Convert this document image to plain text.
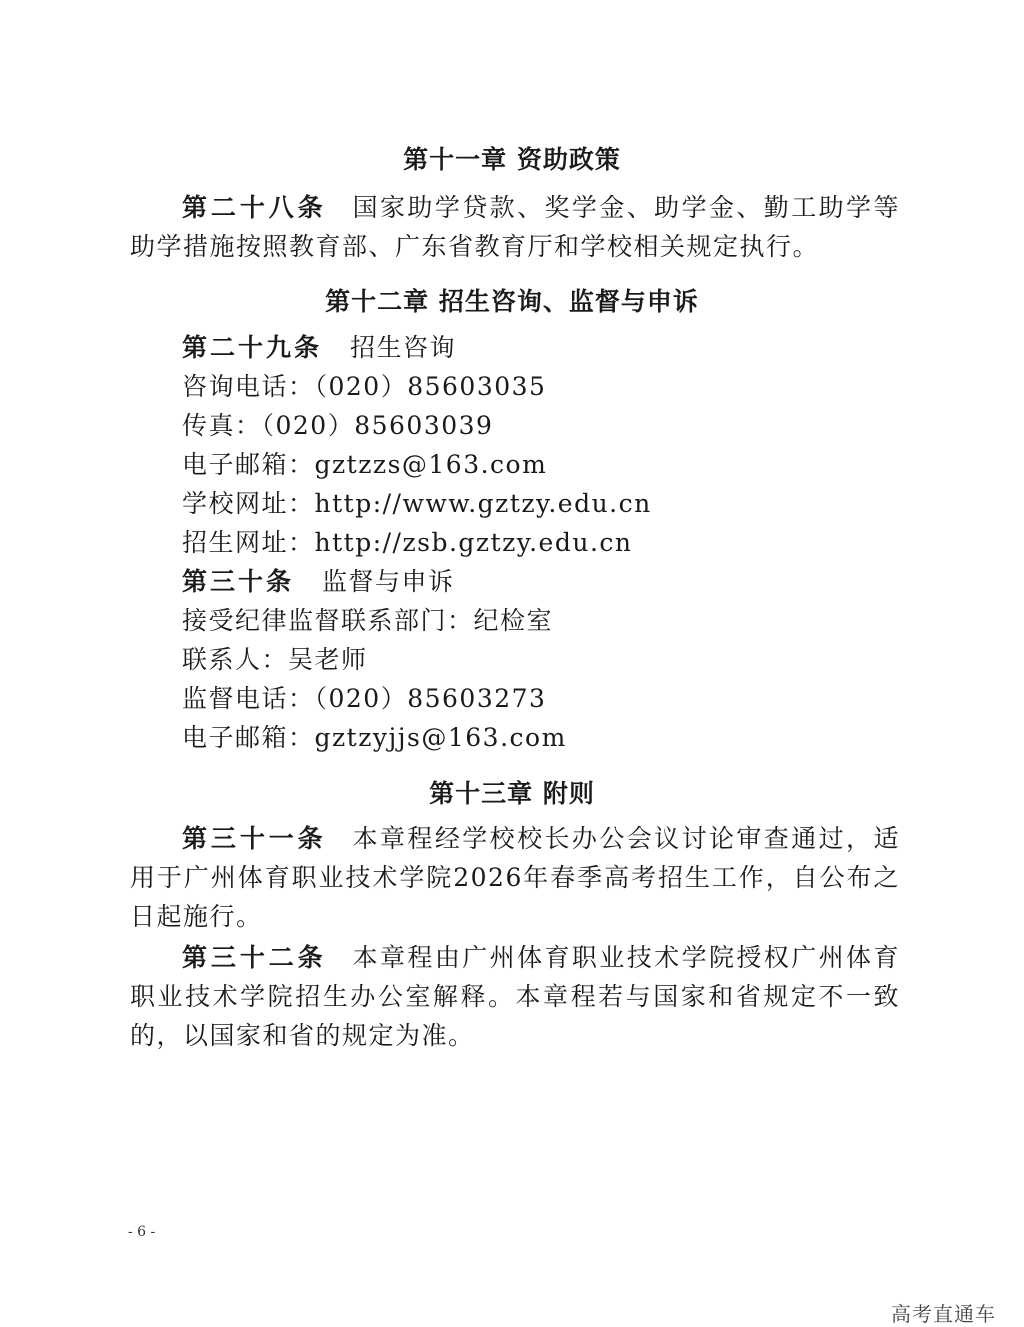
第十一章 资助政策
第二十八条 国家助学贷款、奖学金、助学金、勤工助学等助学措施按照教育部、广东省教育厅和学校相关规定执行。
第十二章 招生咨询、监督与申诉
第二十九条 招生咨询
咨询电话：（020）85603035
传真：（020）85603039
电子邮箱：gztzzs@163.com
学校网址：http://www.gztzy.edu.cn
招生网址：http://zsb.gztzy.edu.cn
第三十条 监督与申诉
接受纪律监督联系部门：纪检室
联系人：吴老师
监督电话：（020）85603273
电子邮箱：gztzyjjs@163.com
第十三章 附则
第三十一条 本章程经学校校长办公会议讨论审查通过，适用于广州体育职业技术学院2026年春季高考招生工作，自公布之日起施行。
第三十二条 本章程由广州体育职业技术学院授权广州体育职业技术学院招生办公室解释。本章程若与国家和省规定不一致的，以国家和省的规定为准。
- 6 -
高考直通车
